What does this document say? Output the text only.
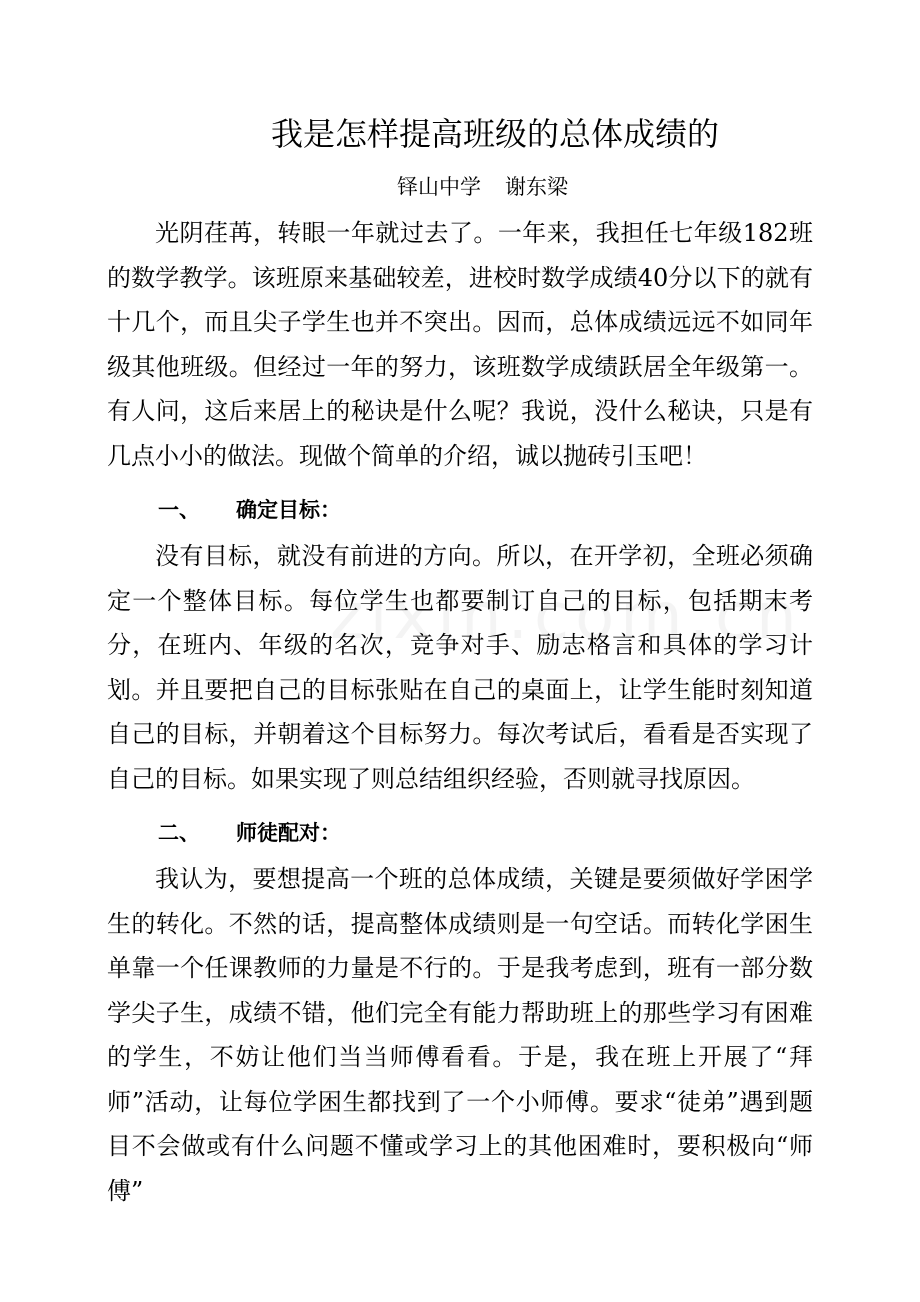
我是怎样提高班级的总体成绩的
铎山中学 谢东梁

光阴荏苒，转眼一年就过去了。一年来，我担任七年级182班的数学教学。该班原来基础较差，进校时数学成绩40分以下的就有十几个，而且尖子学生也并不突出。因而，总体成绩远远不如同年级其他班级。但经过一年的努力，该班数学成绩跃居全年级第一。有人问，这后来居上的秘诀是什么呢？我说，没什么秘诀，只是有几点小小的做法。现做个简单的介绍，诚以抛砖引玉吧！

一、 确定目标：

没有目标，就没有前进的方向。所以，在开学初，全班必须确定一个整体目标。每位学生也都要制订自己的目标，包括期末考分，在班内、年级的名次，竞争对手、励志格言和具体的学习计划。并且要把自己的目标张贴在自己的桌面上，让学生能时刻知道自己的目标，并朝着这个目标努力。每次考试后，看看是否实现了自己的目标。如果实现了则总结组织经验，否则就寻找原因。

二、 师徒配对：

我认为，要想提高一个班的总体成绩，关键是要须做好学困学生的转化。不然的话，提高整体成绩则是一句空话。而转化学困生单靠一个任课教师的力量是不行的。于是我考虑到，班有一部分数学尖子生，成绩不错，他们完全有能力帮助班上的那些学习有困难的学生，不妨让他们当当师傅看看。于是，我在班上开展了“拜师”活动，让每位学困生都找到了一个小师傅。要求“徒弟”遇到题目不会做或有什么问题不懂或学习上的其他困难时，要积极向“师傅”
